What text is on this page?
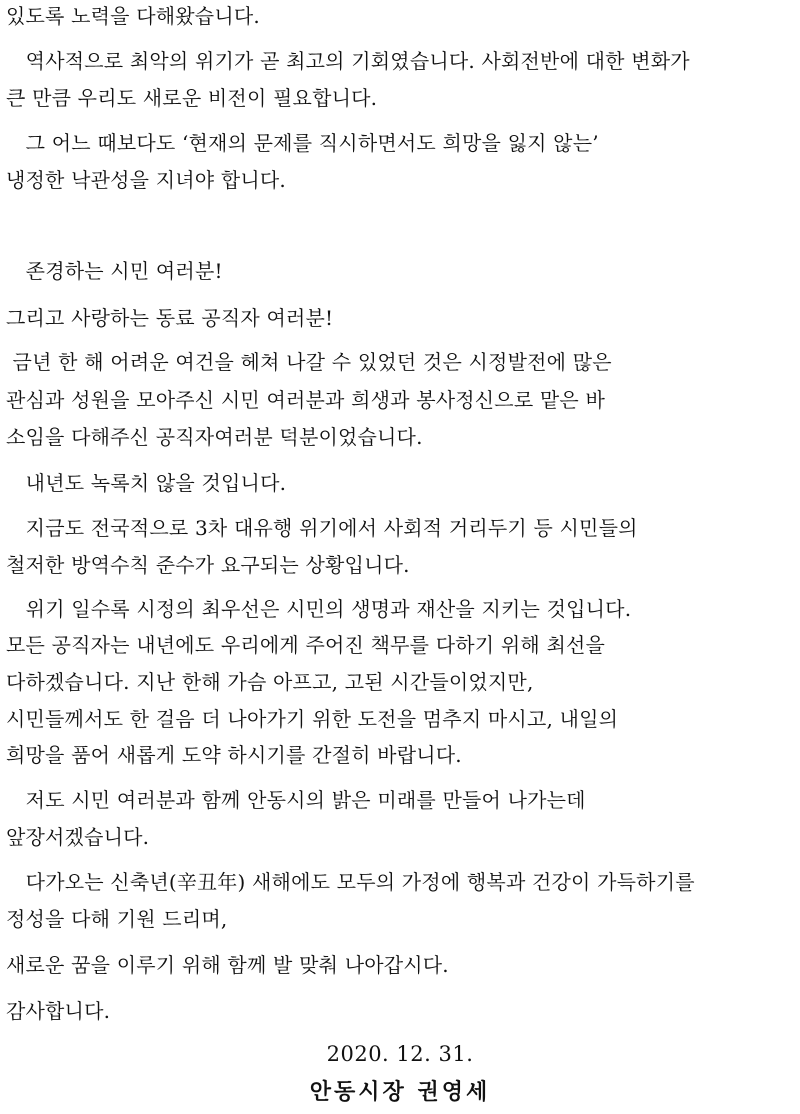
있도록 노력을 다해왔습니다.
역사적으로 최악의 위기가 곧 최고의 기회였습니다. 사회전반에 대한 변화가
큰 만큼 우리도 새로운 비전이 필요합니다.
그 어느 때보다도 ‘현재의 문제를 직시하면서도 희망을 잃지 않는’
냉정한 낙관성을 지녀야 합니다.
존경하는 시민 여러분!
그리고 사랑하는 동료 공직자 여러분!
금년 한 해 어려운 여건을 헤쳐 나갈 수 있었던 것은 시정발전에 많은
관심과 성원을 모아주신 시민 여러분과 희생과 봉사정신으로 맡은 바
소임을 다해주신 공직자여러분 덕분이었습니다.
내년도 녹록치 않을 것입니다.
지금도 전국적으로 3차 대유행 위기에서 사회적 거리두기 등 시민들의
철저한 방역수칙 준수가 요구되는 상황입니다.
위기 일수록 시정의 최우선은 시민의 생명과 재산을 지키는 것입니다.
모든 공직자는 내년에도 우리에게 주어진 책무를 다하기 위해 최선을
다하겠습니다. 지난 한해 가슴 아프고, 고된 시간들이었지만,
시민들께서도 한 걸음 더 나아가기 위한 도전을 멈추지 마시고, 내일의
희망을 품어 새롭게 도약 하시기를 간절히 바랍니다.
저도 시민 여러분과 함께 안동시의 밝은 미래를 만들어 나가는데
앞장서겠습니다.
다가오는 신축년(辛丑年) 새해에도 모두의 가정에 행복과 건강이 가득하기를
정성을 다해 기원 드리며,
새로운 꿈을 이루기 위해 함께 발 맞춰 나아갑시다.
감사합니다.
2020. 12. 31.
안동시장 권영세
